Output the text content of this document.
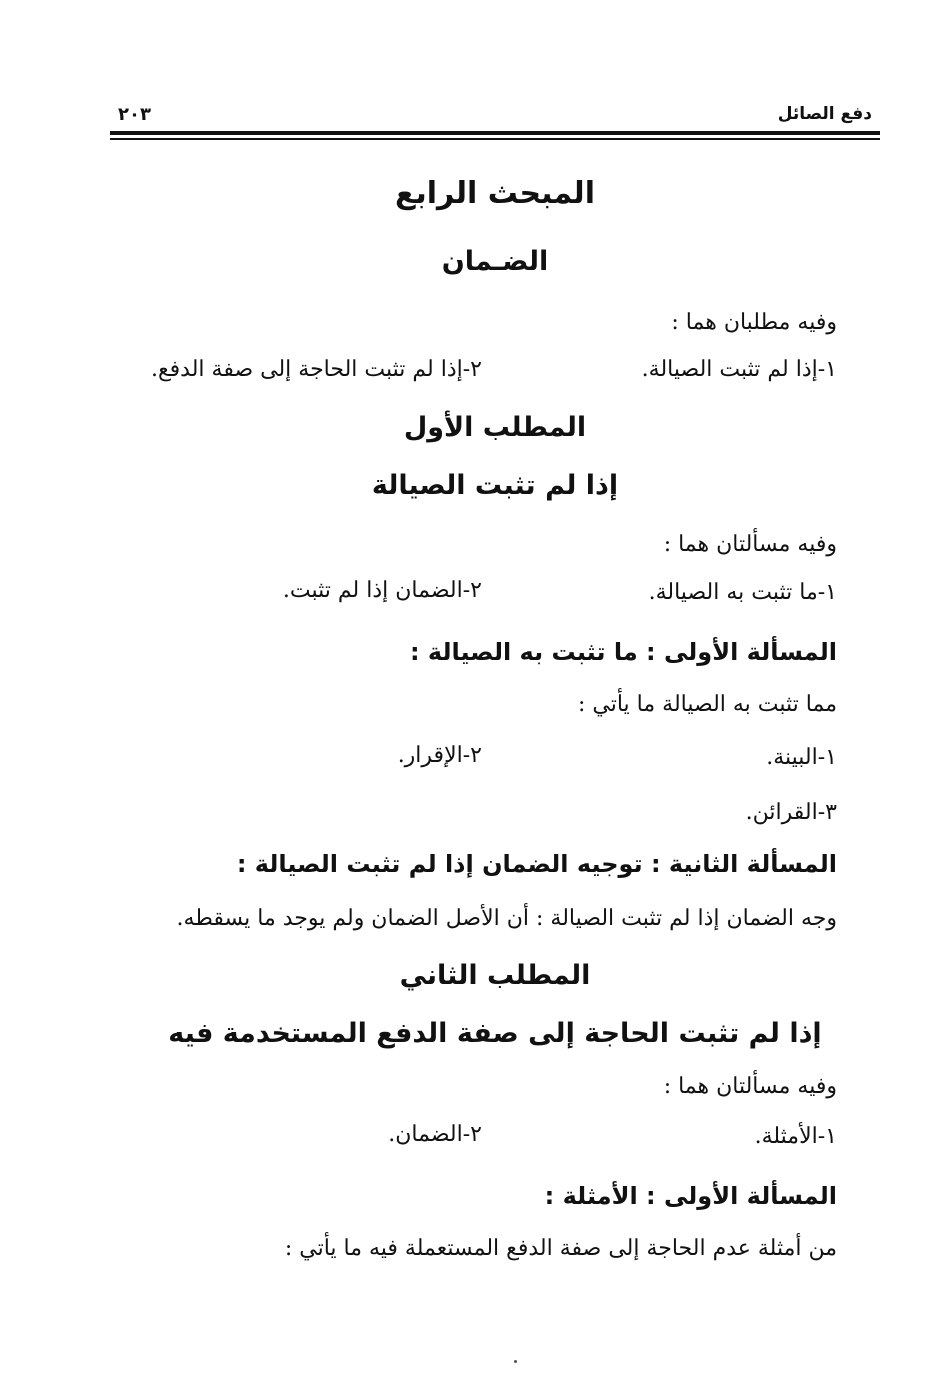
دفع الصائل
٢٠٣
المبحث الرابع
الضـمان
وفيه مطلبان هما :
١-إذا لم تثبت الصيالة.
٢-إذا لم تثبت الحاجة إلى صفة الدفع.
المطلب الأول
إذا لم تثبت الصيالة
وفيه مسألتان هما :
١-ما تثبت به الصيالة.
٢-الضمان إذا لم تثبت.
المسألة الأولى : ما تثبت به الصيالة :
مما تثبت به الصيالة ما يأتي :
١-البينة.
٢-الإقرار.
٣-القرائن.
المسألة الثانية : توجيه الضمان إذا لم تثبت الصيالة :
وجه الضمان إذا لم تثبت الصيالة : أن الأصل الضمان ولم يوجد ما يسقطه.
المطلب الثاني
إذا لم تثبت الحاجة إلى صفة الدفع المستخدمة فيه
وفيه مسألتان هما :
١-الأمثلة.
٢-الضمان.
المسألة الأولى : الأمثلة :
من أمثلة عدم الحاجة إلى صفة الدفع المستعملة فيه ما يأتي :
